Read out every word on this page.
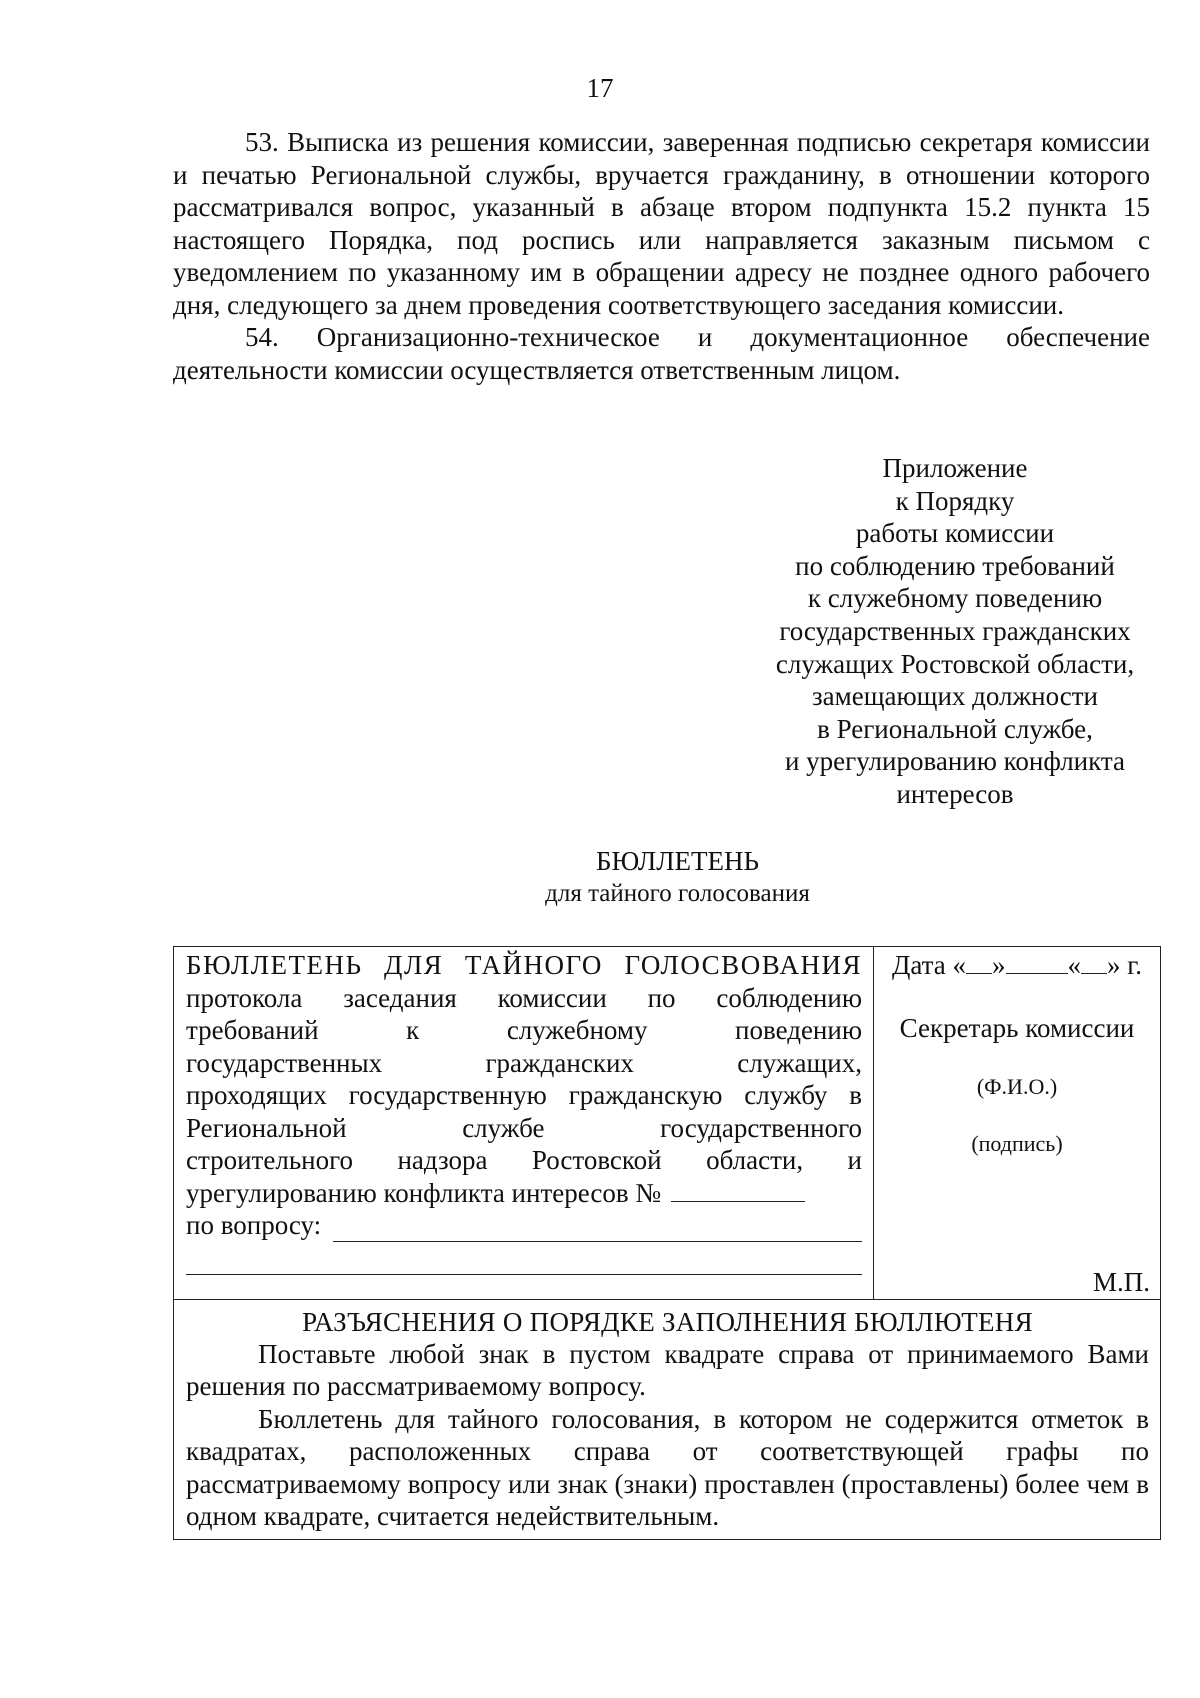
17

53. Выписка из решения комиссии, заверенная подписью секретаря комиссии и печатью Региональной службы, вручается гражданину, в отношении которого рассматривался вопрос, указанный в абзаце втором подпункта 15.2 пункта 15 настоящего Порядка, под роспись или направляется заказным письмом с уведомлением по указанному им в обращении адресу не позднее одного рабочего дня, следующего за днем проведения соответствующего заседания комиссии.

54. Организационно-техническое и документационное обеспечение деятельности комиссии осуществляется ответственным лицом.

Приложение
к Порядку
работы комиссии
по соблюдению требований
к служебному поведению
государственных гражданских
служащих Ростовской области,
замещающих должности
в Региональной службе,
и урегулированию конфликта
интересов
БЮЛЛЕТЕНЬ
для тайного голосования
БЮЛЛЕТЕНЬ ДЛЯ ТАЙНОГО ГОЛОСВОВАНИЯ
протокола заседания комиссии по соблюдению
требований к служебному поведению
государственных гражданских служащих,
проходящих государственную гражданскую службу в
Региональной службе государственного
строительного надзора Ростовской области, и
урегулированию конфликта интересов №
по вопросу:

Дата « » « » г.
Секретарь комиссии
(Ф.И.О.)
(подпись)
М.П.

РАЗЪЯСНЕНИЯ О ПОРЯДКЕ ЗАПОЛНЕНИЯ БЮЛЛЮТЕНЯ

Поставьте любой знак в пустом квадрате справа от принимаемого Вами решения по рассматриваемому вопросу.

Бюллетень для тайного голосования, в котором не содержится отметок в квадратах, расположенных справа от соответствующей графы по рассматриваемому вопросу или знак (знаки) проставлен (проставлены) более чем в одном квадрате, считается недействительным.
